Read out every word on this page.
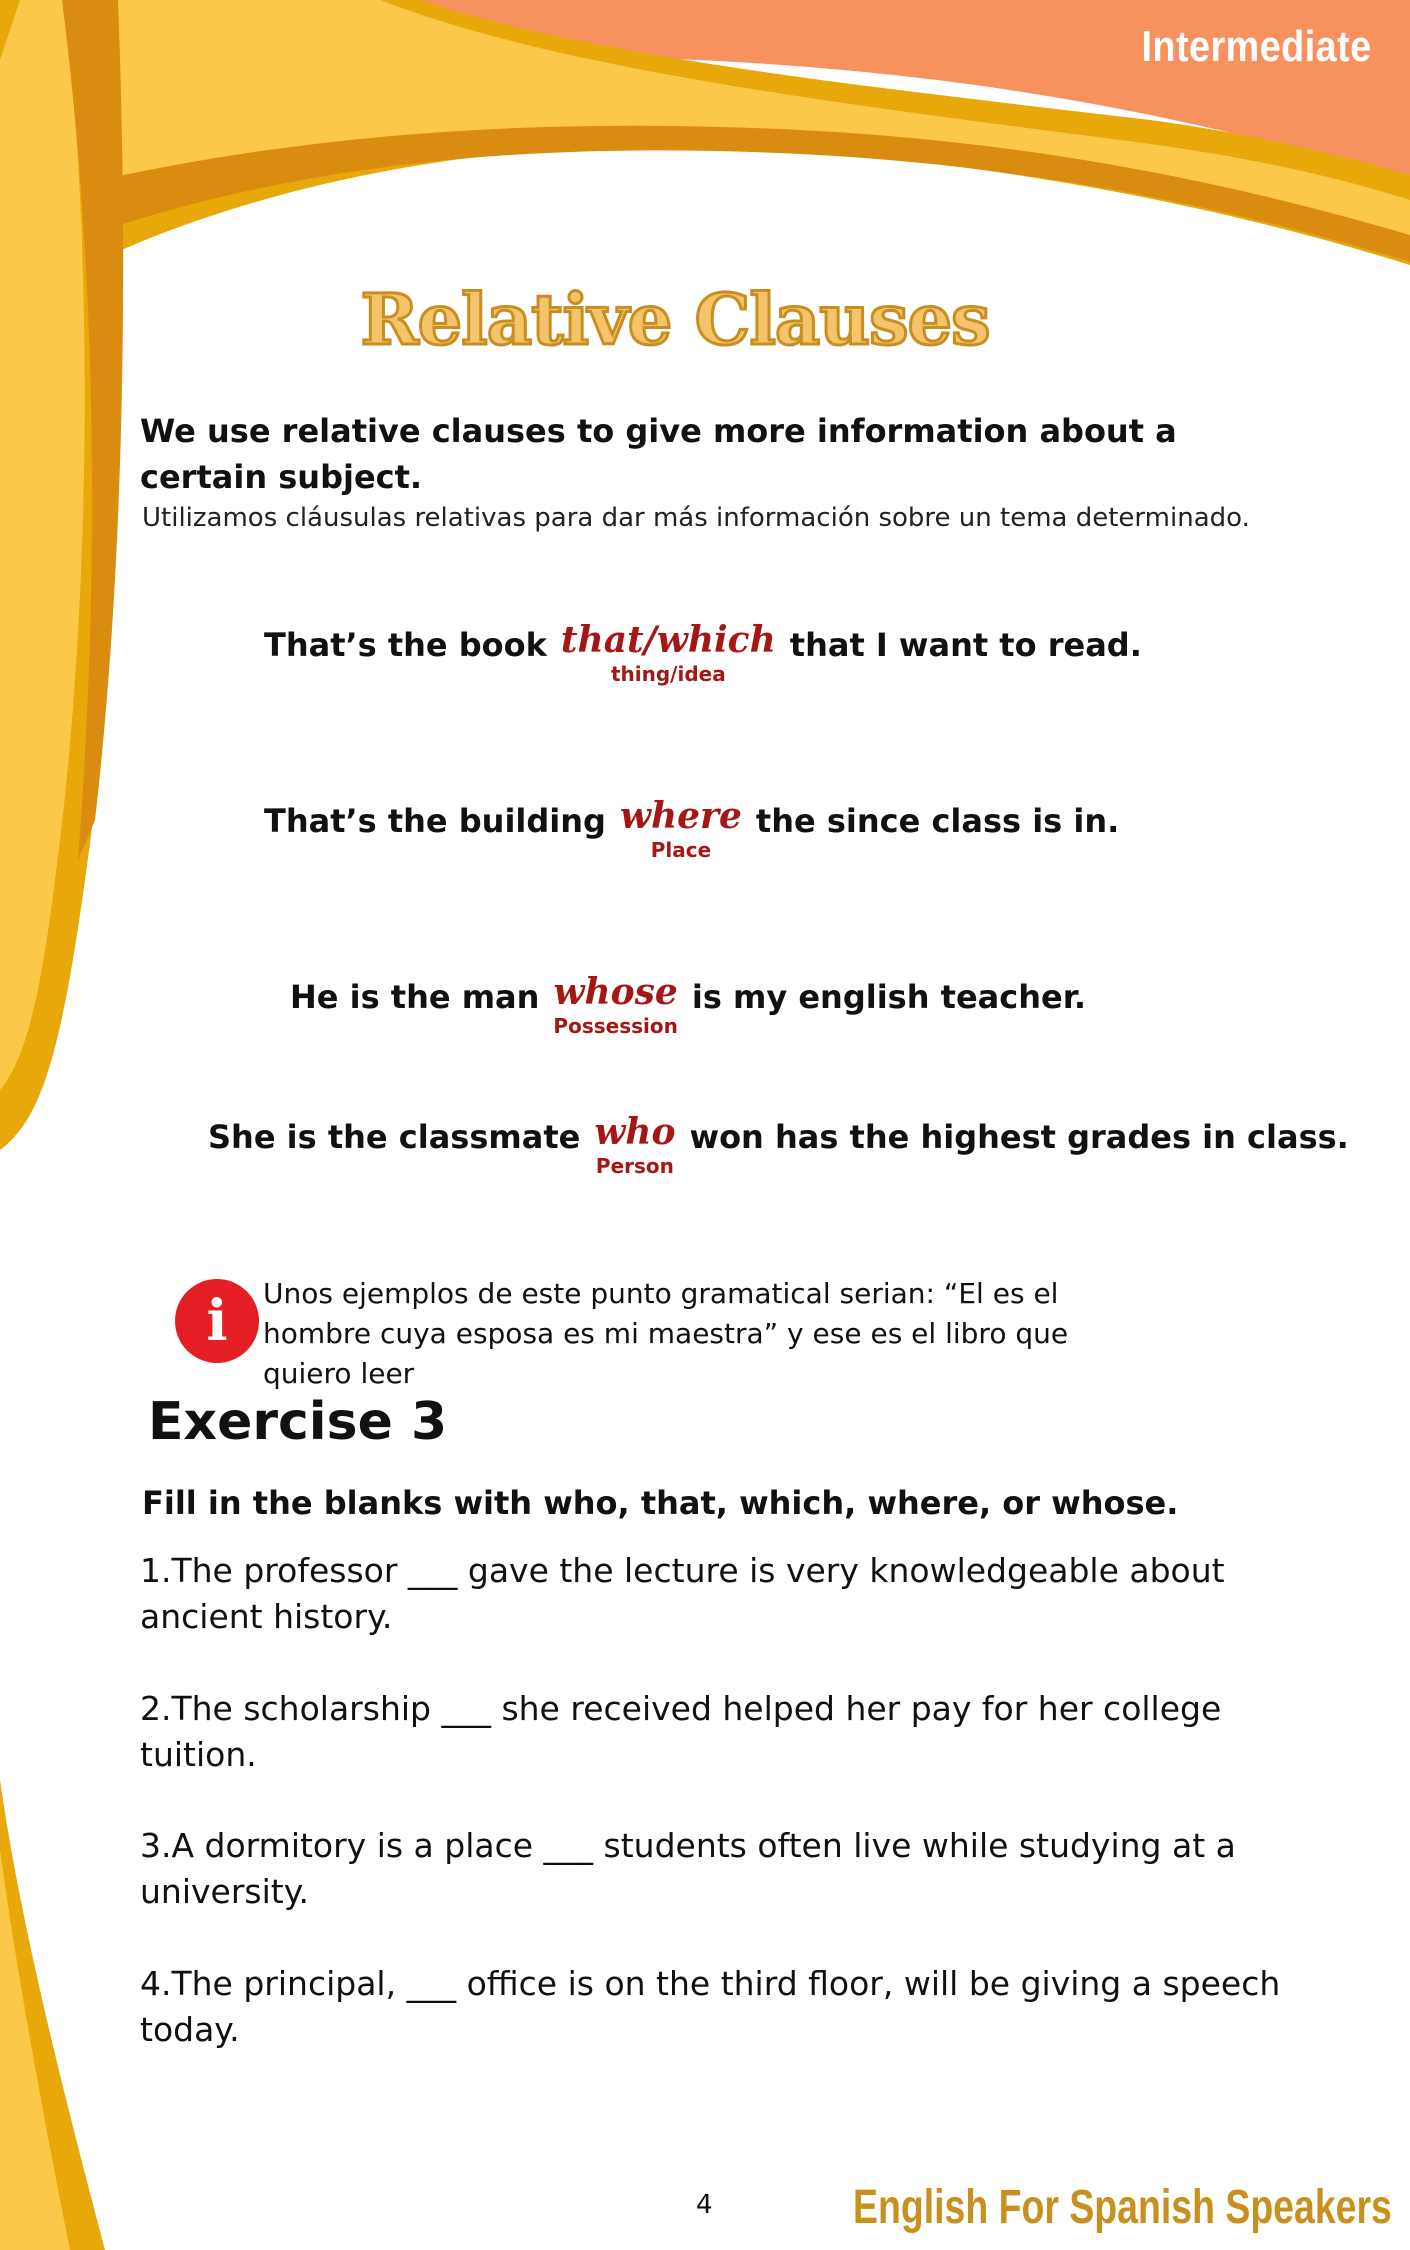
Intermediate
Relative Clauses
We use relative clauses to give more information about a certain subject.
Utilizamos cláusulas relativas para dar más información sobre un tema determinado.
That’s the book that/which
thing/idea
that I want to read.
That’s the building where
Place
the since class is in.
He is the man whose
Possession
is my english teacher.
She is the classmate who
Person
won has the highest grades in class.
i	Unos ejemplos de este punto gramatical serian: “El es el hombre cuya esposa es mi maestra” y ese es el libro que quiero leer
Exercise 3
Fill in the blanks with who, that, which, where, or whose.
1.The professor ___ gave the lecture is very knowledgeable about ancient history.
2.The scholarship ___ she received helped her pay for her college tuition.
3.A dormitory is a place ___ students often live while studying at a university.
4.The principal, ___ office is on the third floor, will be giving a speech today.
4	English For Spanish Speakers
